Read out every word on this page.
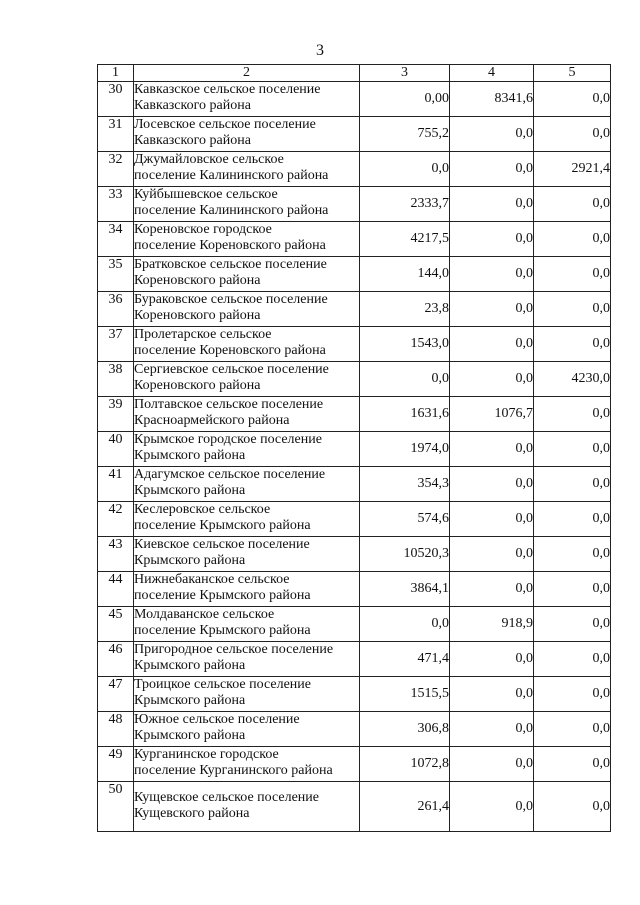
3
1	2	3	4	5
30	Кавказское сельское поселение
Кавказского района	0,00	8341,6	0,0
31	Лосевское сельское поселение
Кавказского района	755,2	0,0	0,0
32	Джумайловское сельское
поселение Калининского района	0,0	0,0	2921,4
33	Куйбышевское сельское
поселение Калининского района	2333,7	0,0	0,0
34	Кореновское городское
поселение Кореновского района	4217,5	0,0	0,0
35	Братковское сельское поселение
Кореновского района	144,0	0,0	0,0
36	Бураковское сельское поселение
Кореновского района	23,8	0,0	0,0
37	Пролетарское сельское
поселение Кореновского района	1543,0	0,0	0,0
38	Сергиевское сельское поселение
Кореновского района	0,0	0,0	4230,0
39	Полтавское сельское поселение
Красноармейского района	1631,6	1076,7	0,0
40	Крымское городское поселение
Крымского района	1974,0	0,0	0,0
41	Адагумское сельское поселение
Крымского района	354,3	0,0	0,0
42	Кеслеровское сельское
поселение Крымского района	574,6	0,0	0,0
43	Киевское сельское поселение
Крымского района	10520,3	0,0	0,0
44	Нижнебаканское сельское
поселение Крымского района	3864,1	0,0	0,0
45	Молдаванское сельское
поселение Крымского района	0,0	918,9	0,0
46	Пригородное сельское поселение
Крымского района	471,4	0,0	0,0
47	Троицкое сельское поселение
Крымского района	1515,5	0,0	0,0
48	Южное сельское поселение
Крымского района	306,8	0,0	0,0
49	Курганинское городское
поселение Курганинского района	1072,8	0,0	0,0
50	Кущевское сельское поселение
Кущевского района	261,4	0,0	0,0
